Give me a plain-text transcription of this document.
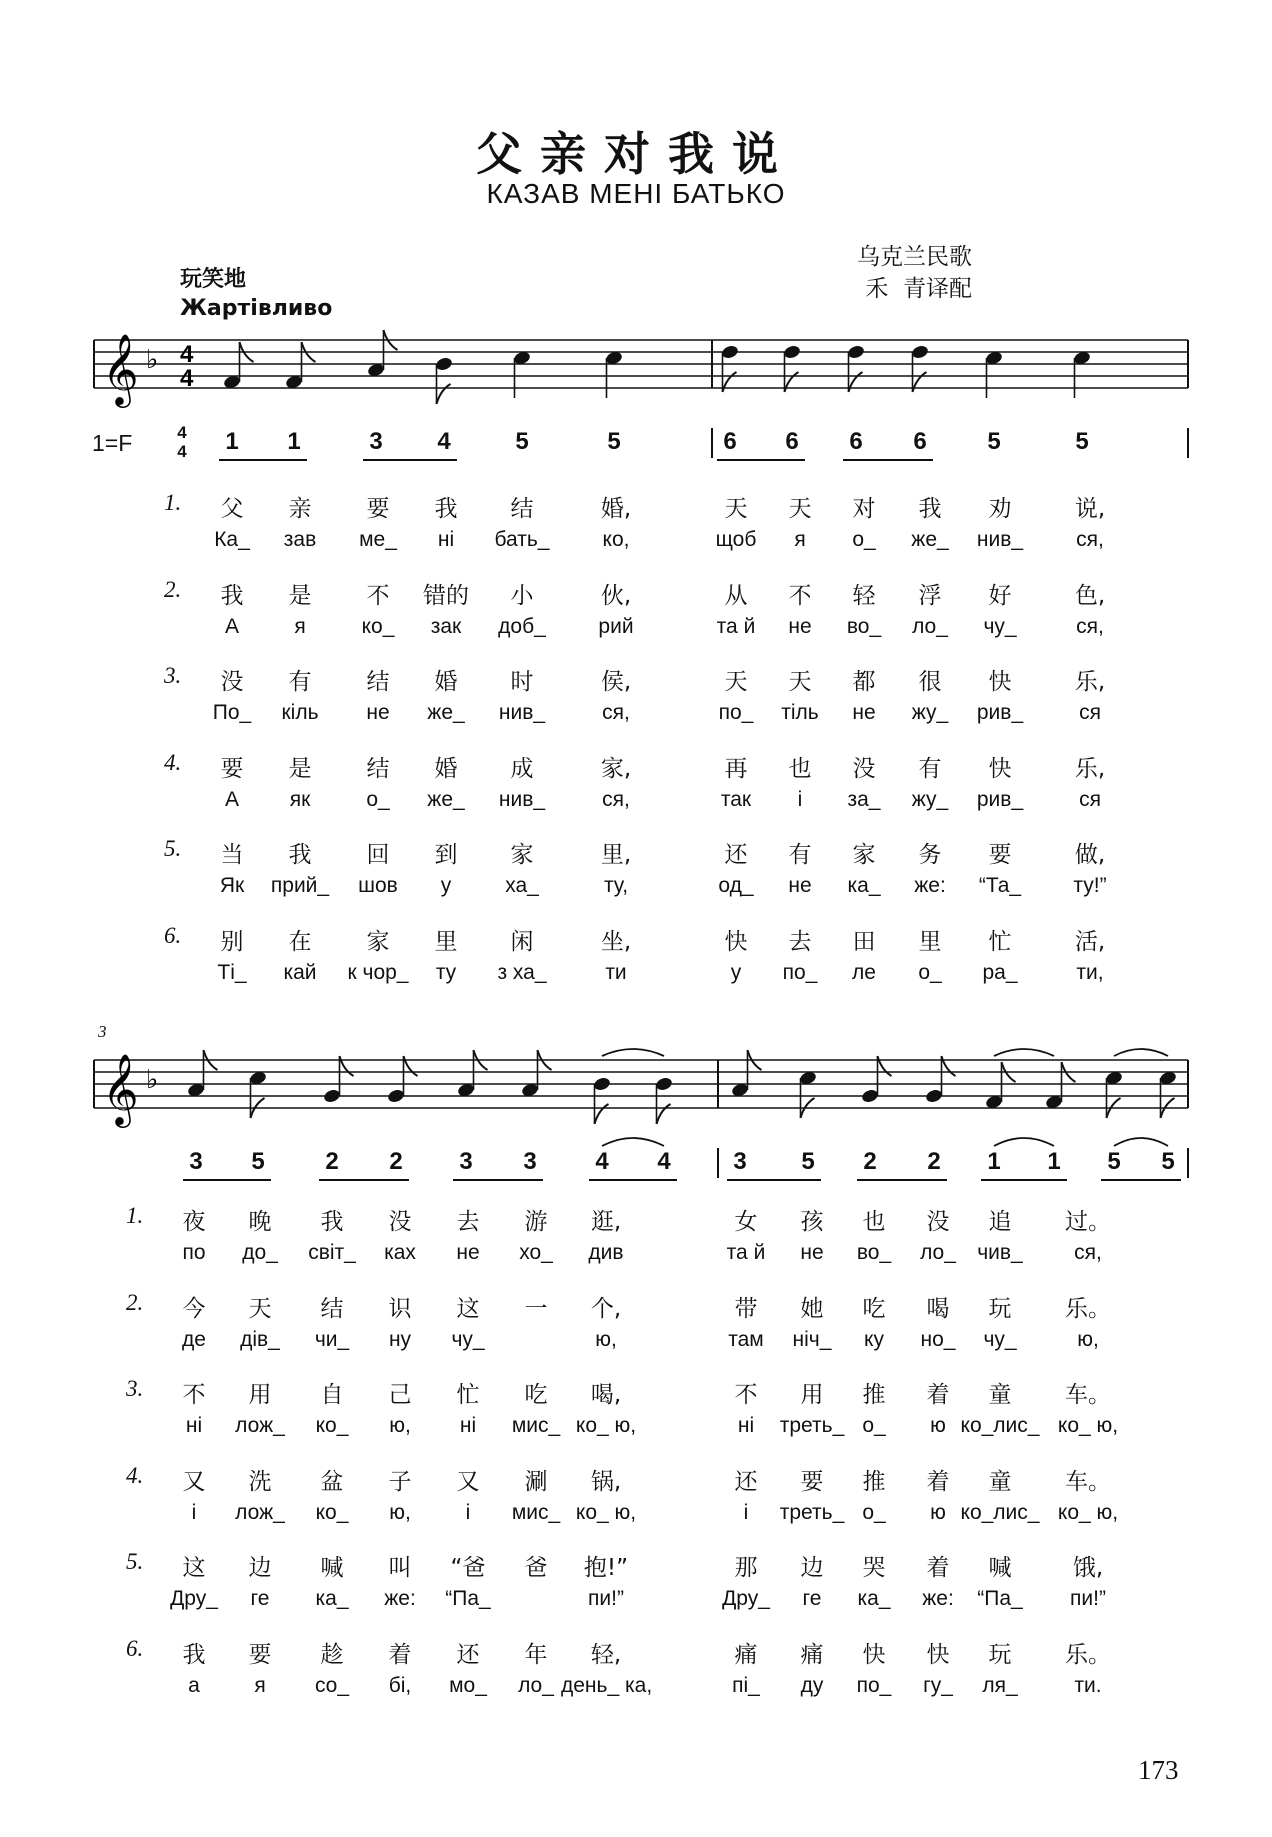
父亲对我说
КАЗАВ МЕНІ БАТЬКО
乌克兰民歌
禾  青译配
玩笑地
Жартівливо
𝄞 ♭
𝄞 ♭
4
4
1=F	4
4
3
1	1	3	4	5	5	6	6	6	6	5	5
1.	父	亲	要	我	结	婚,	天	天	对	我	劝	说,
Ка_	зав	ме_	ні	бать_	ко,	щоб	я	о_	же_	нив_	ся,
2.	我	是	不	错的	小	伙,	从	不	轻	浮	好	色,
А	я	ко_	зак	доб_	рий	та й	не	во_	ло_	чу_	ся,
3.	没	有	结	婚	时	侯,	天	天	都	很	快	乐,
По_	кіль	не	же_	нив_	ся,	по_	тіль	не	жу_	рив_	ся
4.	要	是	结	婚	成	家,	再	也	没	有	快	乐,
А	як	о_	же_	нив_	ся,	так	і	за_	жу_	рив_	ся
5.	当	我	回	到	家	里,	还	有	家	务	要	做,
Як	прий_	шов	у	ха_	ту,	од_	не	ка_	же:	“Та_	ту!”
6.	别	在	家	里	闲	坐,	快	去	田	里	忙	活,
Ті_	кай	к чор_	ту	з ха_	ти	у	по_	ле	о_	ра_	ти,
3	5	2	2	3	3	4	4	3	5	2	2	1	1	5	5
1.	夜	晚	我	没	去	游	逛,	女	孩	也	没	追	过。
по	до_	світ_	ках	не	хо_	див	та й	не	во_	ло_	чив_	ся,
2.	今	天	结	识	这	一	个,	带	她	吃	喝	玩	乐。
де	дів_	чи_	ну	чу_	ю,	там	ніч_	ку	но_	чу_	ю,
3.	不	用	自	己	忙	吃	喝,	不	用	推	着	童	车。
ні	лож_	ко_	ю,	ні	мис_ ко_ ю,	ні	треть_ о_	ю ко_лис_ ко_ ю,
4.	又	洗	盆	子	又	涮	锅,	还	要	推	着	童	车。
і	лож_	ко_	ю,	і	мис_ ко_ ю,	і	треть_ о_	ю ко_лис_ ко_ ю,
5.	这	边	喊	叫	“爸	爸	抱!”	那	边	哭	着	喊	饿,
Дру_	ге	ка_	же:	“Па_	пи!”	Дру_	ге	ка_	же:	“Па_	пи!”
6.	我	要	趁	着	还	年	轻,	痛	痛	快	快	玩	乐。
а	я	со_	бі,	мо_	ло_ день_ ка,	пі_	ду	по_	гу_	ля_	ти.
173
